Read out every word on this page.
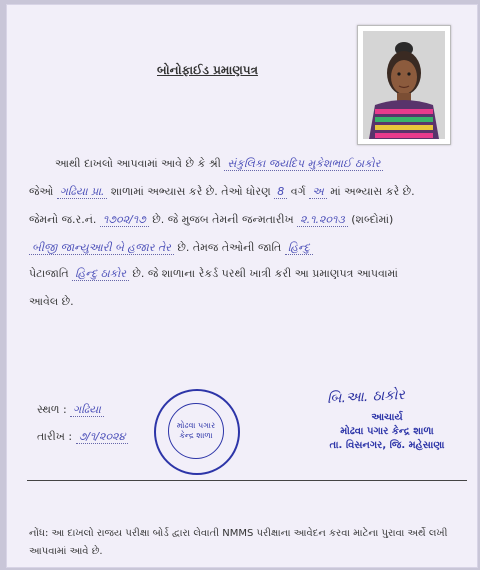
બોનોફાઈડ પ્રમાણપત્ર
આથી દાખલો આપવામાં આવે છે કે શ્રી સંકુલિકા જયદિપ મુકેશભાઈ ઠાકોર
જેઓ ગઢિયા પ્રા. શાળામાં અભ્યાસ કરે છે. તેઓ ધોરણ 8 વર્ગ અ માં અભ્યાસ કરે છે.
જેમનો જ.ર.નં. ૧૭૦૨/૧૭ છે. જે મુજબ તેમની જન્મતારીખ ૨.૧.૨૦૧૩ (શબ્દોમાં)
બીજી જાન્યુઆરી બે હજાર તેર છે. તેમજ તેઓની જાતિ હિન્દુ
પેટાજાતિ હિન્દુ ઠાકોર છે. જે શાળાના રેકર્ડ પરથી ખાત્રી કરી આ પ્રમાણપત્ર આપવામાં
આવેલ છે.
સ્થળ : ગઢિયા
તારીખ : ૭/૧/૨૦૨૪
મોઢવા પગાર કેન્દ્ર શાળા
બિ.આ. ઠાકોર
આચાર્ય
મોઢવા પગાર કેન્દ્ર શાળા
તા. વિસનગર, જિ. મહેસાણા
નોંધ: આ દાખલો રાજય પરીક્ષા બોર્ડ દ્વારા લેવાતી NMMS પરીક્ષાના આવેદન કરવા માટેના પુરાવા અર્થે લખી આપવામાં આવે છે.
